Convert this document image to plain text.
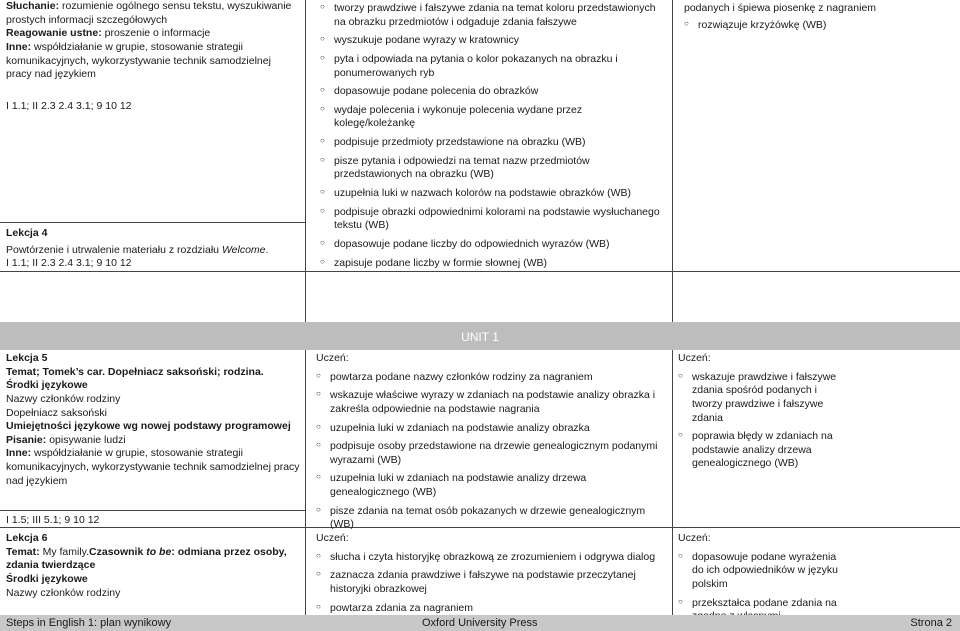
Słuchanie: rozumienie ogólnego sensu tekstu, wyszukiwanie prostych informacji szczegółowych

Reagowanie ustne: proszenie o informacje

Inne: współdziałanie w grupie, stosowanie strategii komunikacyjnych, wykorzystywanie technik samodzielnej pracy nad językiem

I 1.1; II 2.3 2.4 3.1; 9 10 12

○ tworzy prawdziwe i fałszywe zdania na temat koloru przedstawionych na obrazku przedmiotów i odgaduje zdania fałszywe
○ wyszukuje podane wyrazy w kratownicy
○ pyta i odpowiada na pytania o kolor pokazanych na obrazku i ponumerowanych ryb
○ dopasowuje podane polecenia do obrazków
○ wydaje polecenia i wykonuje polecenia wydane przez kolegę/koleżankę
○ podpisuje przedmioty przedstawione na obrazku (WB)
○ pisze pytania i odpowiedzi na temat nazw przedmiotów przedstawionych na obrazku (WB)
○ uzupełnia luki w nazwach kolorów na podstawie obrazków (WB)
○ podpisuje obrazki odpowiednimi kolorami na podstawie wysłuchanego tekstu (WB)
○ dopasowuje podane liczby do odpowiednich wyrazów (WB)
○ zapisuje podane liczby w formie słownej (WB)

podanych i śpiewa piosenkę z nagraniem

○ rozwiązuje krzyżówkę (WB)

Lekcja 4

Powtórzenie i utrwalenie materiału z rozdziału Welcome.

I 1.1; II 2.3 2.4 3.1; 9 10 12

UNIT 1

Lekcja 5

Temat; Tomek’s car. Dopełniacz saksoński; rodzina.

Środki językowe

Nazwy członków rodziny

Dopełniacz saksoński

Umiejętności językowe wg nowej podstawy programowej

Pisanie: opisywanie ludzi

Inne: współdziałanie w grupie, stosowanie strategii komunikacyjnych, wykorzystywanie technik samodzielnej pracy nad językiem

I 1.5; III 5.1; 9 10 12

Uczeń:

○ powtarza podane nazwy członków rodziny za nagraniem
○ wskazuje właściwe wyrazy w zdaniach na podstawie analizy obrazka i zakreśla odpowiednie na podstawie nagrania
○ uzupełnia luki w zdaniach na podstawie analizy obrazka
○ podpisuje osoby przedstawione na drzewie genealogicznym podanymi wyrazami (WB)
○ uzupełnia luki w zdaniach na podstawie analizy drzewa genealogicznego (WB)
○ pisze zdania na temat osób pokazanych w drzewie genealogicznym (WB)

Uczeń:

○ wskazuje prawdziwe i fałszywe zdania spośród podanych i tworzy prawdziwe i fałszywe zdania
○ poprawia błędy w zdaniach na podstawie analizy drzewa genealogicznego (WB)

Lekcja 6

Temat: My family.Czasownik to be: odmiana przez osoby, zdania twierdzące

Środki językowe

Nazwy członków rodziny

Uczeń:

○ słucha i czyta historyjkę obrazkową ze zrozumieniem i odgrywa dialog
○ zaznacza zdania prawdziwe i fałszywe na podstawie przeczytanej historyjki obrazkowej
○ powtarza zdania za nagraniem

Uczeń:

○ dopasowuje podane wyrażenia do ich odpowiedników w języku polskim
○ przekształca podane zdania na
Steps in English 1: plan wynikowy	Oxford University Press	Strona 2
